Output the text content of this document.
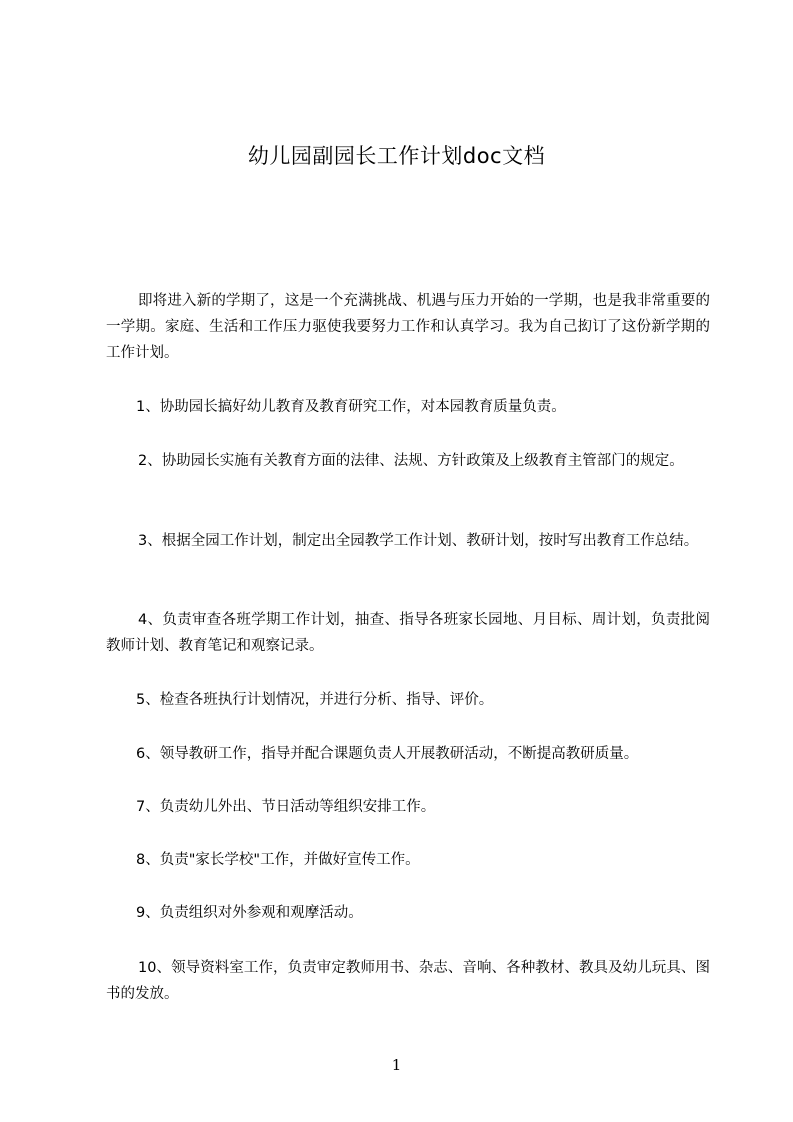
幼儿园副园长工作计划doc文档

即将进入新的学期了，这是一个充满挑战、机遇与压力开始的一学期，也是我非常重要的一学期。家庭、生活和工作压力驱使我要努力工作和认真学习。我为自己抝订了这份新学期的工作计划。

1、协助园长搞好幼儿教育及教育研究工作，对本园教育质量负责。

2、协助园长实施有关教育方面的法律、法规、方针政策及上级教育主管部门的规定。

3、根据全园工作计划，制定出全园教学工作计划、教研计划，按时写出教育工作总结。

4、负责审查各班学期工作计划，抽查、指导各班家长园地、月目标、周计划，负责批阅教师计划、教育笔记和观察记录。

5、检查各班执行计划情况，并进行分析、指导、评价。

6、领导教研工作，指导并配合课题负责人开展教研活动，不断提高教研质量。

7、负责幼儿外出、节日活动等组织安排工作。

8、负责"家长学校"工作，并做好宣传工作。

9、负责组织对外参观和观摩活动。

10、领导资料室工作，负责审定教师用书、杂志、音响、各种教材、教具及幼儿玩具、图书的发放。

1
